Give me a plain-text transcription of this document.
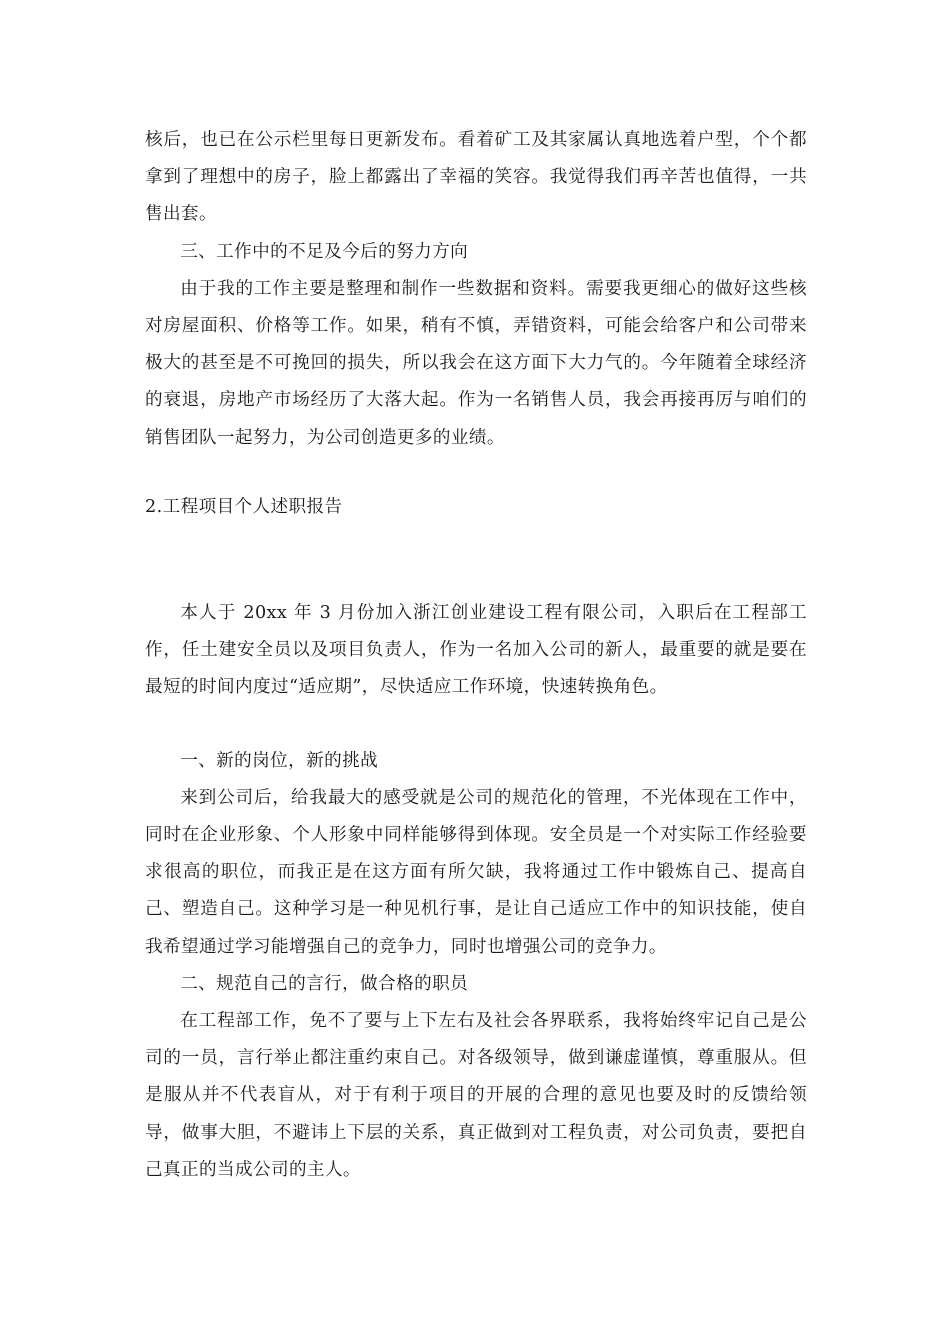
核后，也已在公示栏里每日更新发布。看着矿工及其家属认真地选着户型，个个都拿到了理想中的房子，脸上都露出了幸福的笑容。我觉得我们再辛苦也值得，一共售出套。

三、工作中的不足及今后的努力方向

由于我的工作主要是整理和制作一些数据和资料。需要我更细心的做好这些核对房屋面积、价格等工作。如果，稍有不慎，弄错资料，可能会给客户和公司带来极大的甚至是不可挽回的损失，所以我会在这方面下大力气的。今年随着全球经济的衰退，房地产市场经历了大落大起。作为一名销售人员，我会再接再厉与咱们的销售团队一起努力，为公司创造更多的业绩。

2.工程项目个人述职报告

本人于 20xx 年 3 月份加入浙江创业建设工程有限公司，入职后在工程部工作，任土建安全员以及项目负责人，作为一名加入公司的新人，最重要的就是要在最短的时间内度过“适应期”，尽快适应工作环境，快速转换角色。

一、新的岗位，新的挑战

来到公司后，给我最大的感受就是公司的规范化的管理，不光体现在工作中，同时在企业形象、个人形象中同样能够得到体现。安全员是一个对实际工作经验要求很高的职位，而我正是在这方面有所欠缺，我将通过工作中锻炼自己、提高自己、塑造自己。这种学习是一种见机行事，是让自己适应工作中的知识技能，使自我希望通过学习能增强自己的竞争力，同时也增强公司的竞争力。

二、规范自己的言行，做合格的职员

在工程部工作，免不了要与上下左右及社会各界联系，我将始终牢记自己是公司的一员，言行举止都注重约束自己。对各级领导，做到谦虚谨慎，尊重服从。但是服从并不代表盲从，对于有利于项目的开展的合理的意见也要及时的反馈给领导，做事大胆，不避讳上下层的关系，真正做到对工程负责，对公司负责，要把自己真正的当成公司的主人。
